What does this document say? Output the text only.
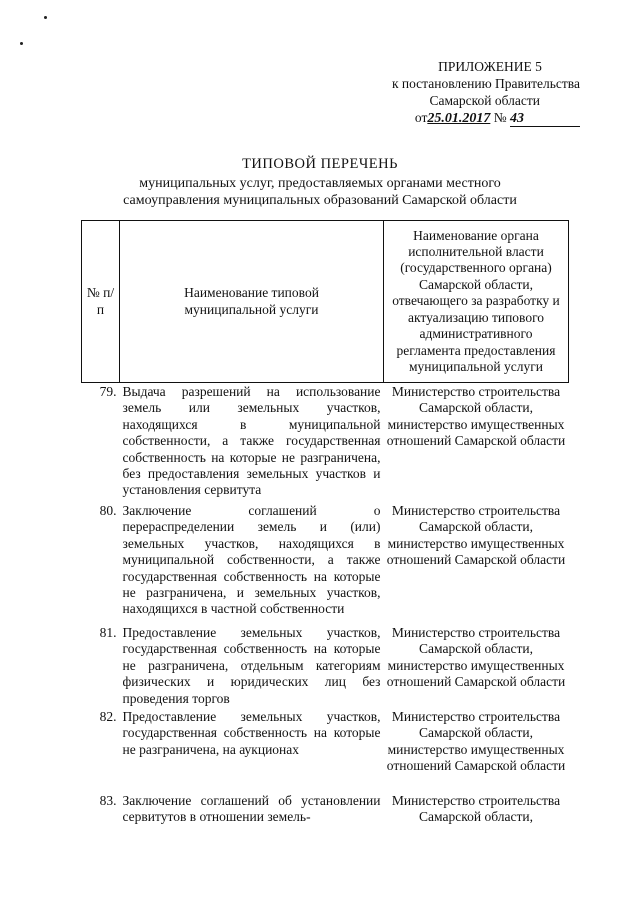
ПРИЛОЖЕНИЕ 5
к постановлению Правительства
Самарской области
от25.01.2017 № 43
ТИПОВОЙ ПЕРЕЧЕНЬ
муниципальных услуг, предоставляемых органами местного
самоуправления муниципальных образований Самарской области
№ п/п	Наименование типовой муниципальной услуги	Наименование органа исполнительной власти (государственного органа) Самарской области, отвечающего за разработку и актуализацию типового административного регламента предоставления муниципальной услуги
79.	Выдача разрешений на использование земель или земельных участков, находящихся в муниципальной собственности, а также государственная собственность на которые не разграничена, без предоставления земельных участков и установления сервитута	Министерство строительства Самарской области, министерство имущественных отношений Самарской области
80.	Заключение соглашений о перераспределении земель и (или) земельных участков, находящихся в муниципальной собственности, а также государственная собственность на которые не разграничена, и земельных участков, находящихся в частной собственности	Министерство строительства Самарской области, министерство имущественных отношений Самарской области
81.	Предоставление земельных участков, государственная собственность на которые не разграничена, отдельным категориям физических и юридических лиц без проведения торгов	Министерство строительства Самарской области, министерство имущественных отношений Самарской области
82.	Предоставление земельных участков, государственная собственность на которые не разграничена, на аукционах	Министерство строительства Самарской области, министерство имущественных отношений Самарской области
83.	Заключение соглашений об установлении сервитутов в отношении земель-	Министерство строительства Самарской области,
